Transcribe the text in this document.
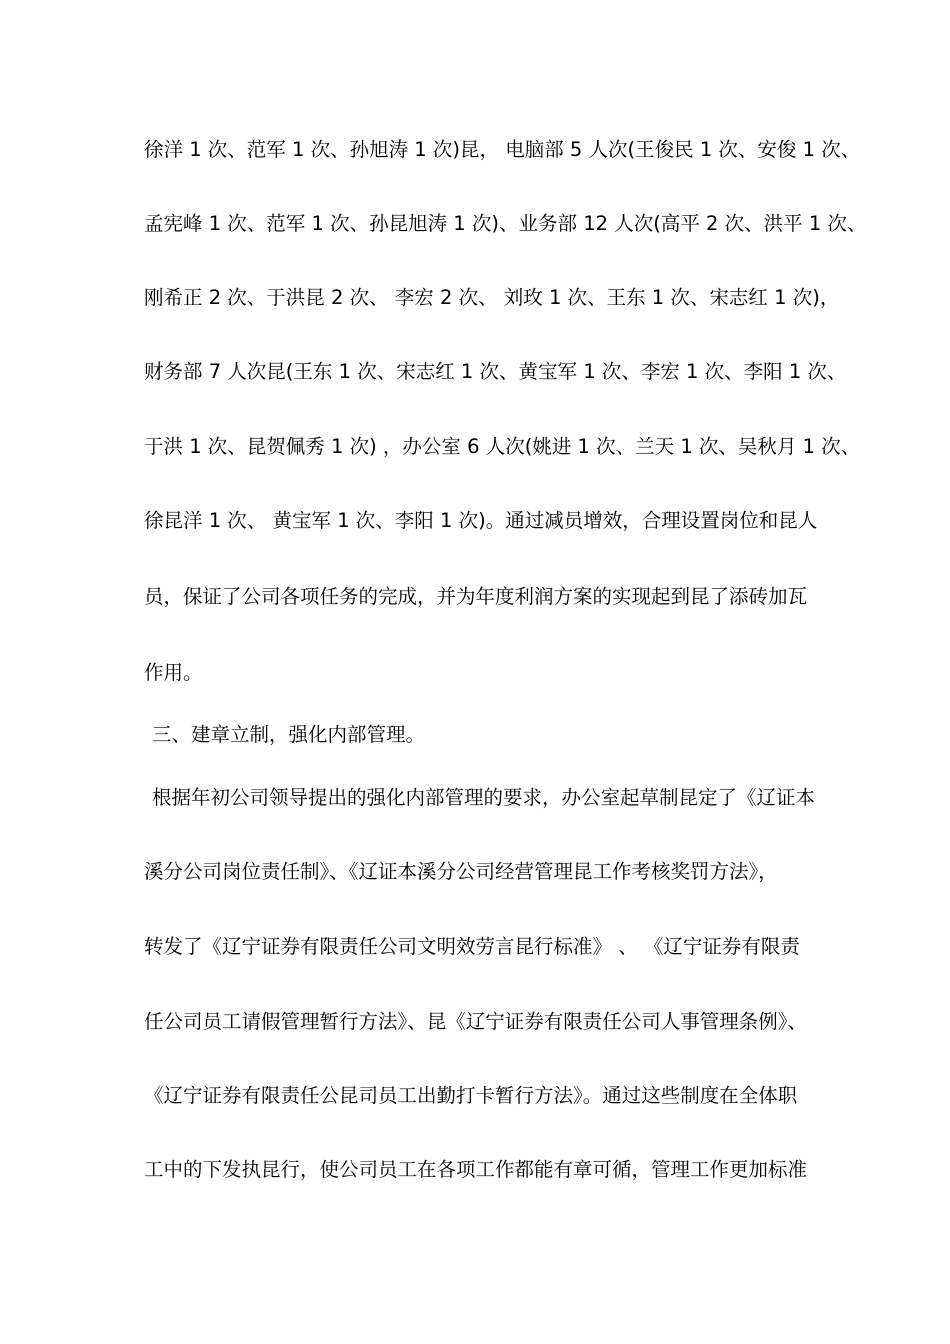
徐洋 1 次、范军 1 次、孙旭涛 1 次)昆， 电脑部 5 人次(王俊民 1 次、安俊 1 次、
孟宪峰 1 次、范军 1 次、孙昆旭涛 1 次)、业务部 12 人次(高平 2 次、洪平 1 次、
刚希正 2 次、于洪昆 2 次、 李宏 2 次、 刘玫 1 次、王东 1 次、宋志红 1 次)，
财务部 7 人次昆(王东 1 次、宋志红 1 次、黄宝军 1 次、李宏 1 次、李阳 1 次、
于洪 1 次、昆贺佩秀 1 次) ，办公室 6 人次(姚进 1 次、兰天 1 次、吴秋月 1 次、
徐昆洋 1 次、 黄宝军 1 次、李阳 1 次)。通过减员增效，合理设置岗位和昆人
员，保证了公司各项任务的完成，并为年度利润方案的实现起到昆了添砖加瓦
作用。
三、建章立制，强化内部管理。
根据年初公司领导提出的强化内部管理的要求，办公室起草制昆定了《辽证本
溪分公司岗位责任制》、《辽证本溪分公司经营管理昆工作考核奖罚方法》，
转发了《辽宁证券有限责任公司文明效劳言昆行标准》 、 《辽宁证券有限责
任公司员工请假管理暂行方法》、昆《辽宁证券有限责任公司人事管理条例》、
《辽宁证券有限责任公昆司员工出勤打卡暂行方法》。通过这些制度在全体职
工中的下发执昆行，使公司员工在各项工作都能有章可循，管理工作更加标准
